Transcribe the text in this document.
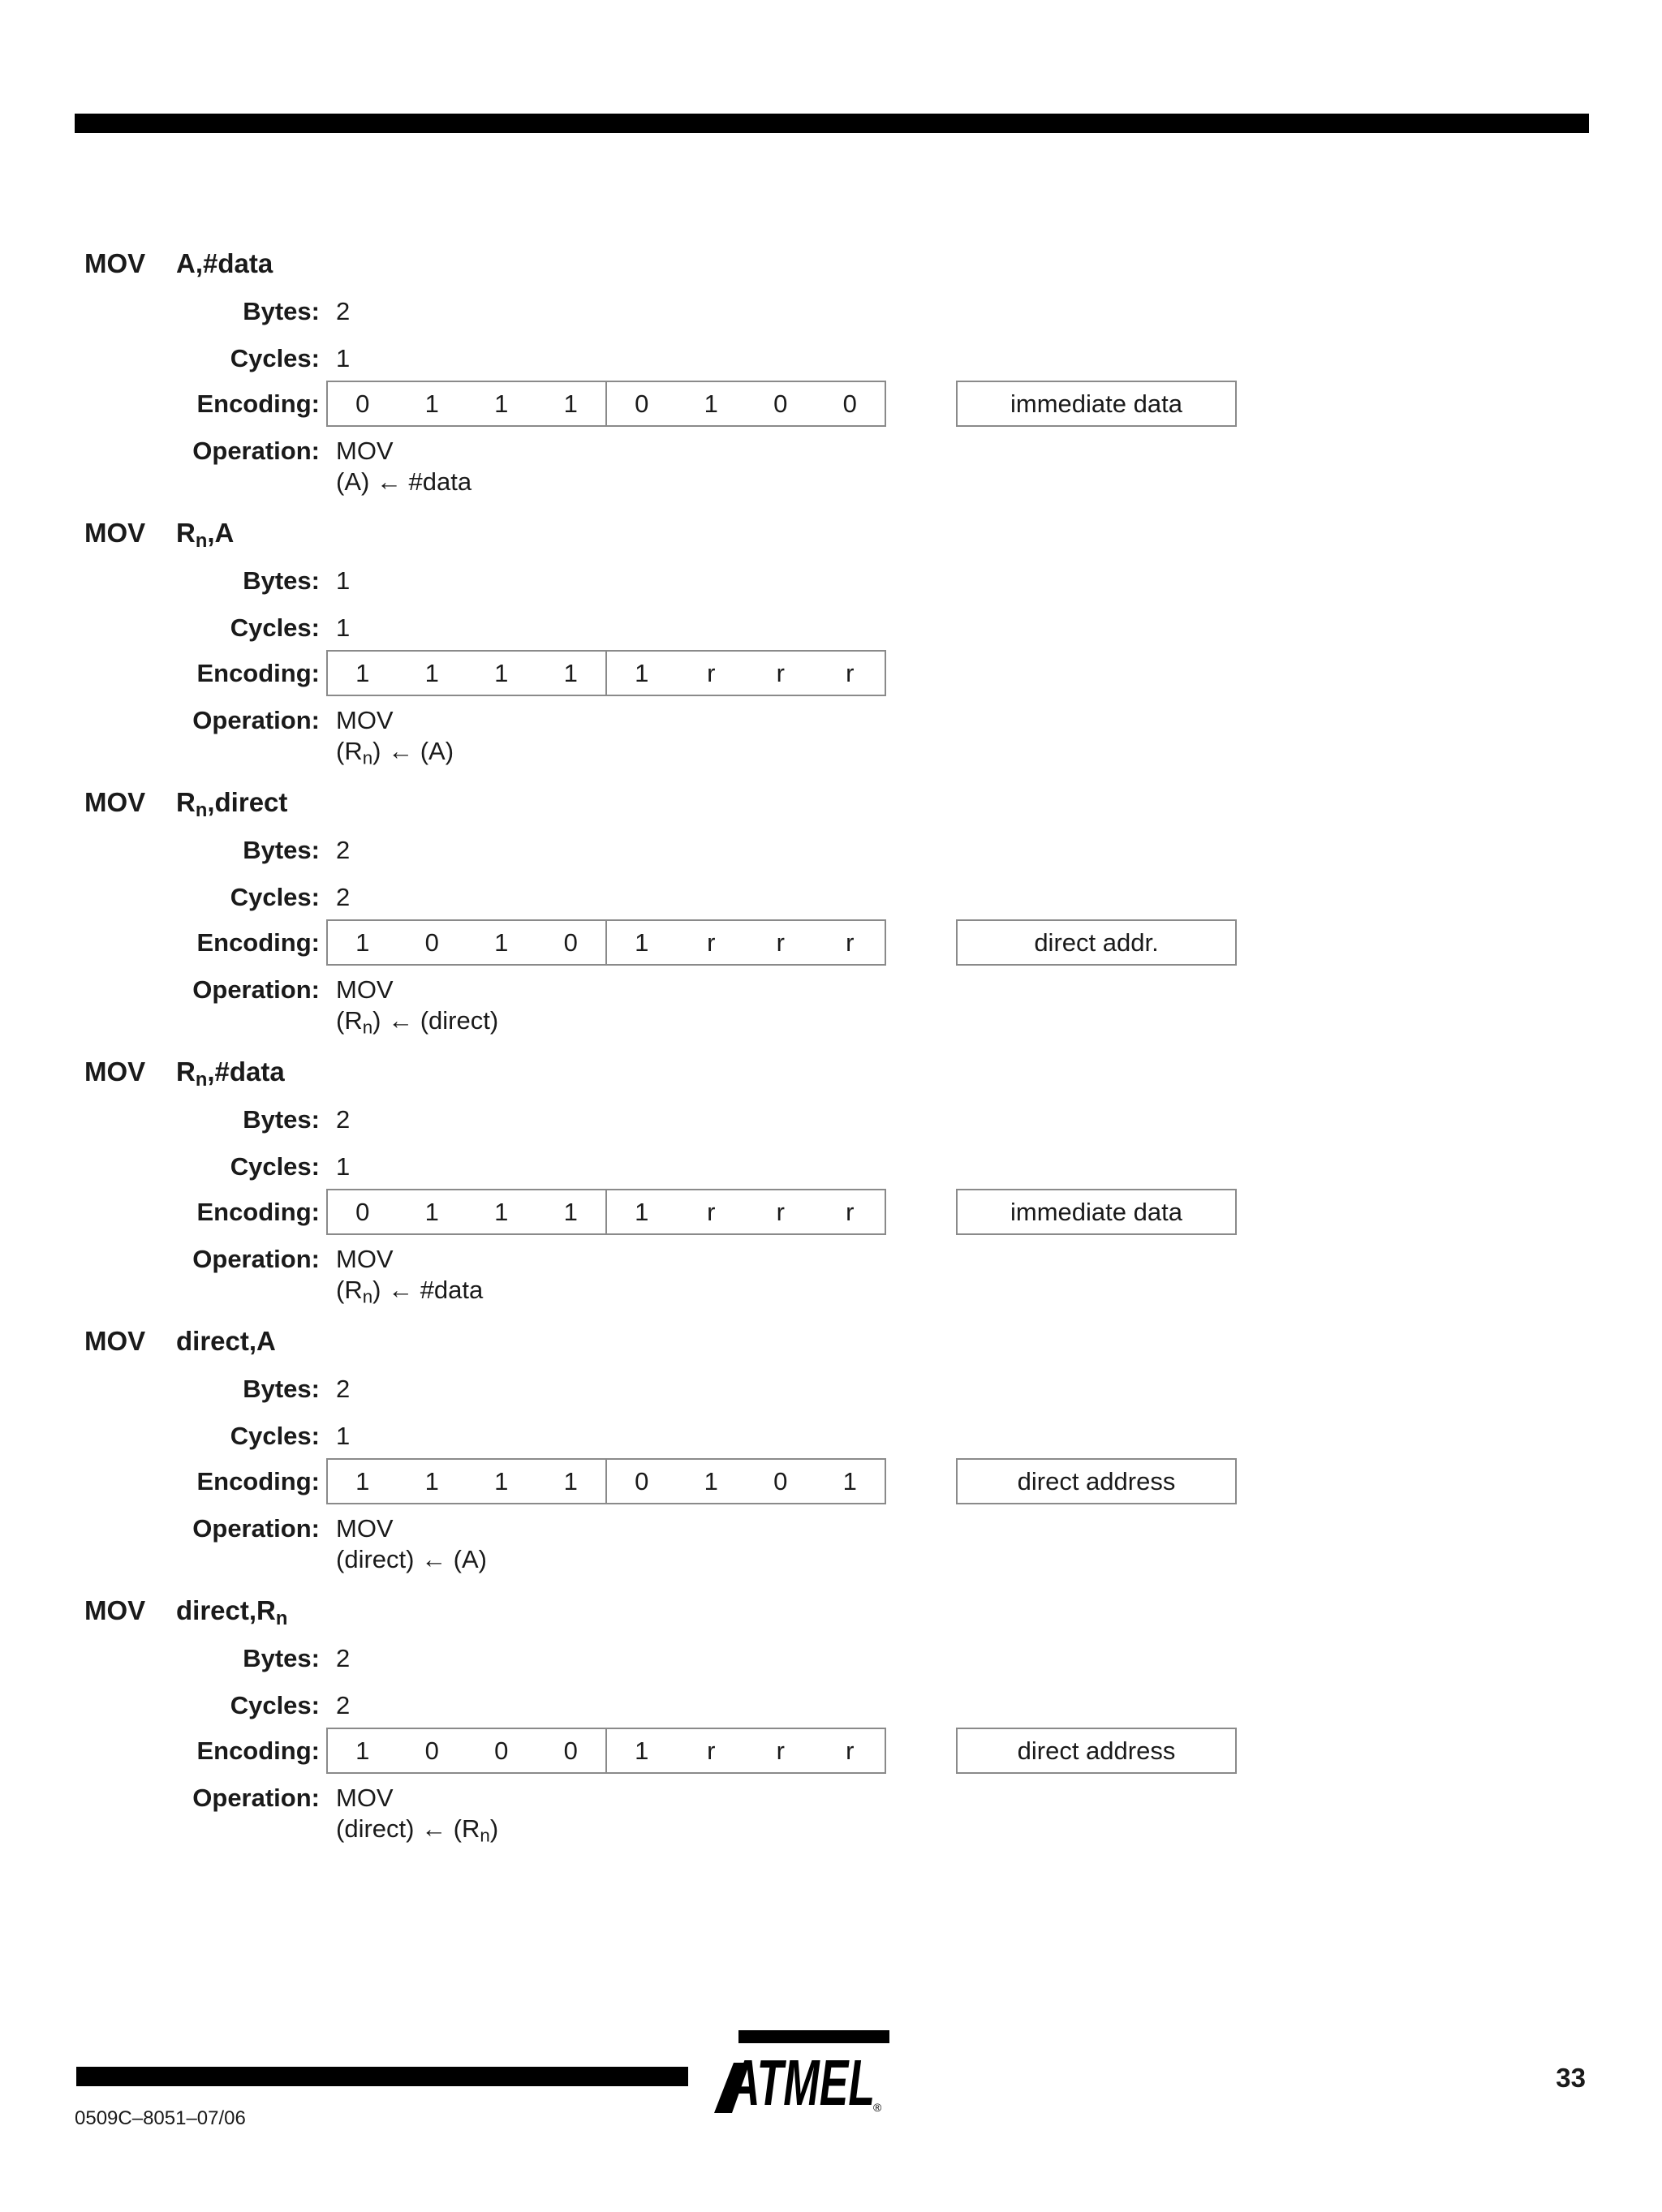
MOV A,#data
Bytes: 2
Cycles: 1
Encoding:	0	1	1	1	0	1	0	0	immediate data
Operation: MOV
(A) ← #data
MOV $R_n,A$
Bytes: 1
Cycles: 1
Encoding:	1	1	1	1	1	r	r	r
Operation: MOV
$(R_n)$ ← (A)
MOV $R_n,direct$
Bytes: 2
Cycles: 2
Encoding:	1	0	1	0	1	r	r	r	direct addr.
Operation: MOV
$(R_n)$ ← (direct)
MOV $R_n,\#data$
Bytes: 2
Cycles: 1
Encoding:	0	1	1	1	1	r	r	r	immediate data
Operation: MOV
$(R_n)$ ← #data
MOV direct,A
Bytes: 2
Cycles: 1
Encoding:	1	1	1	1	0	1	0	1	direct address
Operation: MOV
(direct) ← (A)
MOV $direct,R_n$
Bytes: 2
Cycles: 2
Encoding:	1	0	0	0	1	r	r	r	direct address
Operation: MOV
(direct) ← $(R_n)$
0509C–8051–07/06	ATMEL
®
33
